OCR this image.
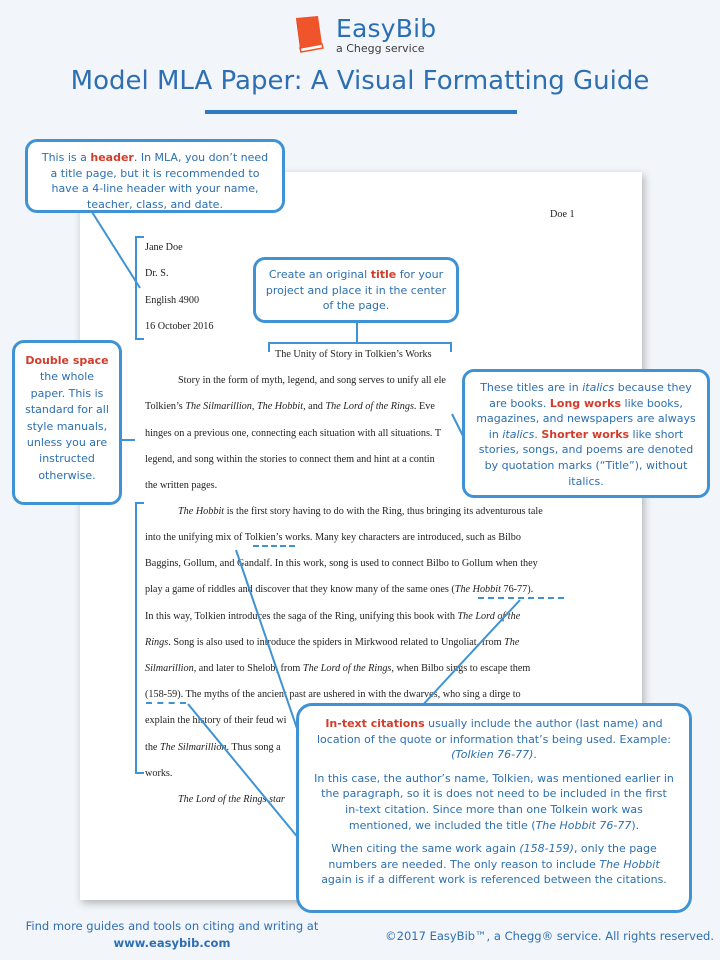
EasyBib
a Chegg service
Model MLA Paper: A Visual Formatting Guide
Doe 1
Jane Doe
Dr. S.
English 4900
16 October 2016
The Unity of Story in Tolkien’s Works
Story in the form of myth, legend, and song serves to unify all ele
Tolkien’s The Silmarillion, The Hobbit, and The Lord of the Rings. Eve
hinges on a previous one, connecting each situation with all situations. T
legend, and song within the stories to connect them and hint at a contin
the written pages.
The Hobbit is the first story having to do with the Ring, thus bringing its adventurous tale
into the unifying mix of Tolkien’s works. Many key characters are introduced, such as Bilbo
Baggins, Gollum, and Gandalf. In this work, song is used to connect Bilbo to Gollum when they
play a game of riddles and discover that they know many of the same ones (The Hobbit 76-77).
In this way, Tolkien introduces the saga of the Ring, unifying this book with The Lord of the
Rings. Song is also used to introduce the spiders in Mirkwood related to Ungoliat, from The
Silmarillion, and later to Shelob, from The Lord of the Rings, when Bilbo sings to escape them
(158-59). The myths of the ancient past are ushered in with the dwarves, who sing a dirge to
explain the history of their feud wi
the The Silmarillion. Thus song a
works.
The Lord of the Rings star
This is a header. In MLA, you don’t need a title page, but it is recommended to have a 4-line header with your name, teacher, class, and date.
Create an original title for your project and place it in the center of the page.
Double space the whole paper. This is standard for all style manuals, unless you are instructed otherwise.
These titles are in italics because they are books. Long works like books, magazines, and newspapers are always in italics. Shorter works like short stories, songs, and poems are denoted by quotation marks (“Title”), without italics.
In-text citations usually include the author (last name) and location of the quote or information that’s being used. Example: (Tolkien 76-77).
In this case, the author’s name, Tolkien, was mentioned earlier in the paragraph, so it is does not need to be included in the first in-text citation. Since more than one Tolkein work was mentioned, we included the title (The Hobbit 76-77).
When citing the same work again (158-159), only the page numbers are needed. The only reason to include The Hobbit again is if a different work is referenced between the citations.
Find more guides and tools on citing and writing at
www.easybib.com	©2017 EasyBib™, a Chegg® service. All rights reserved.
